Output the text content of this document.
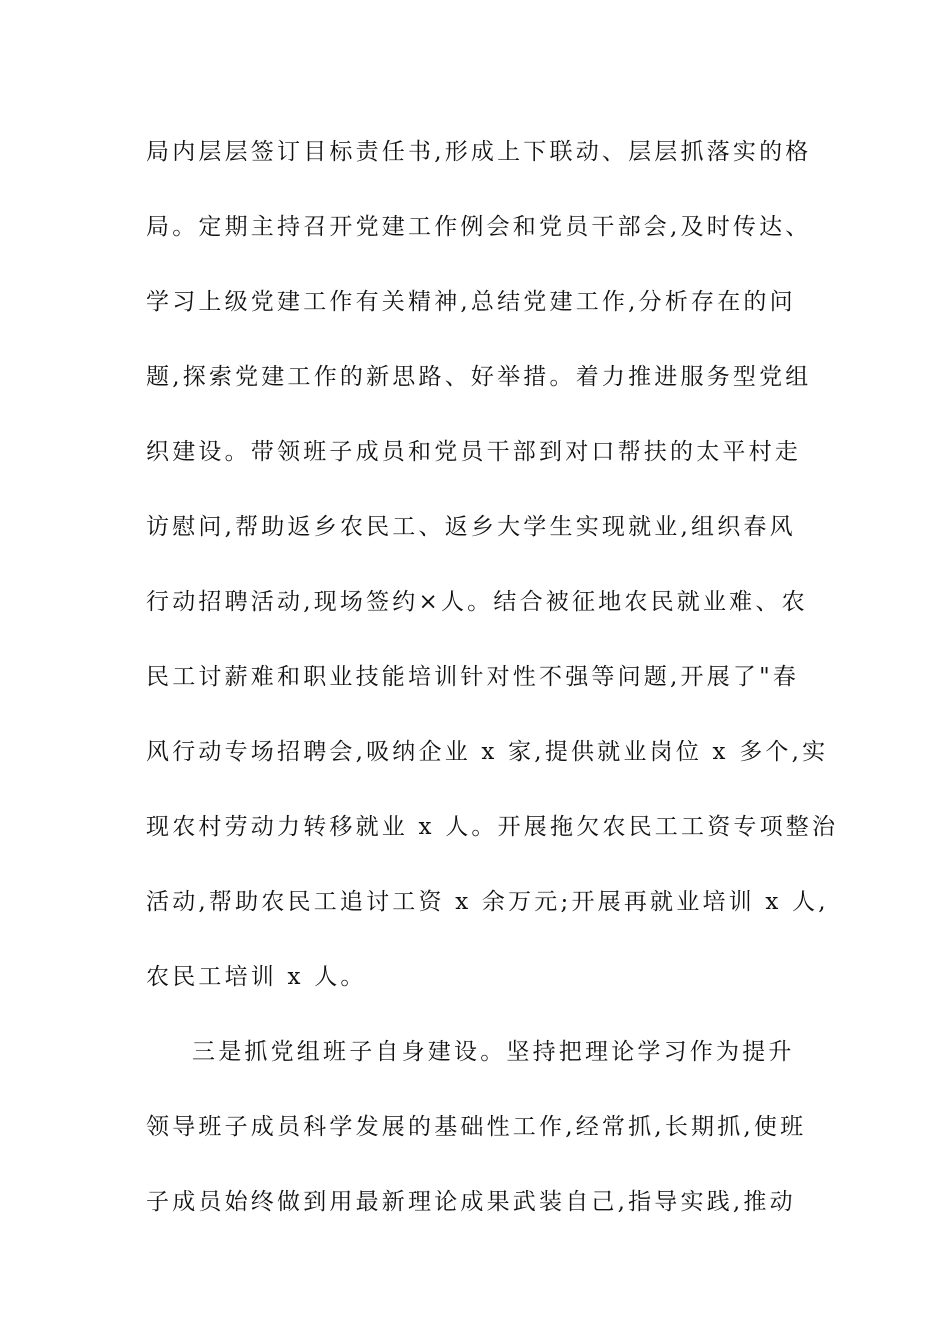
局内层层签订目标责任书,形成上下联动、层层抓落实的格
局。定期主持召开党建工作例会和党员干部会,及时传达、
学习上级党建工作有关精神,总结党建工作,分析存在的问
题,探索党建工作的新思路、好举措。着力推进服务型党组
织建设。带领班子成员和党员干部到对口帮扶的太平村走
访慰问,帮助返乡农民工、返乡大学生实现就业,组织春风
行动招聘活动,现场签约×人。结合被征地农民就业难、农
民工讨薪难和职业技能培训针对性不强等问题,开展了"春
风行动专场招聘会,吸纳企业 x 家,提供就业岗位 x 多个,实
现农村劳动力转移就业 x 人。开展拖欠农民工工资专项整治
活动,帮助农民工追讨工资 x 余万元;开展再就业培训 x 人,
农民工培训 x 人。
三是抓党组班子自身建设。坚持把理论学习作为提升
领导班子成员科学发展的基础性工作,经常抓,长期抓,使班
子成员始终做到用最新理论成果武装自己,指导实践,推动
